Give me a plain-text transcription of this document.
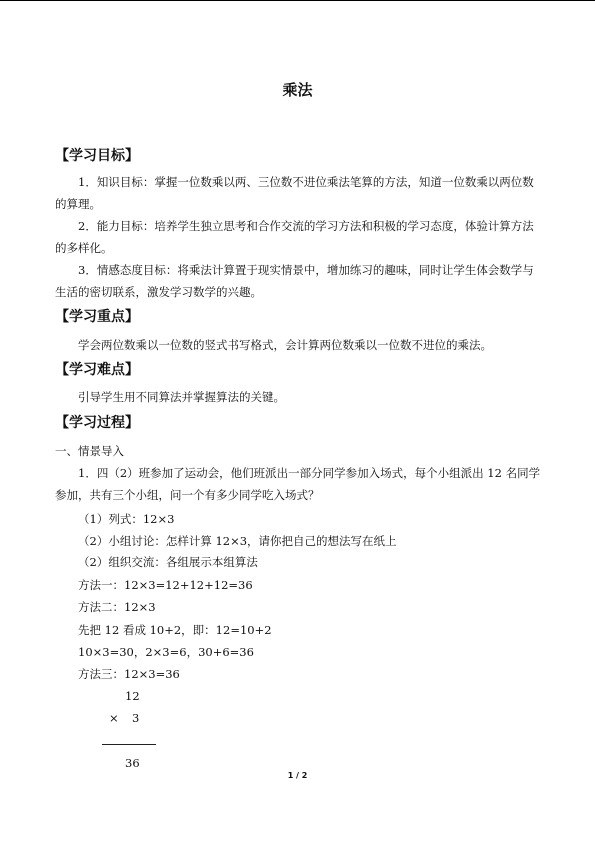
乘法
【学习目标】
1．知识目标：掌握一位数乘以两、三位数不进位乘法笔算的方法，知道一位数乘以两位数的算理。
2．能力目标：培养学生独立思考和合作交流的学习方法和积极的学习态度，体验计算方法的多样化。
3．情感态度目标：将乘法计算置于现实情景中，增加练习的趣味，同时让学生体会数学与生活的密切联系，激发学习数学的兴趣。
【学习重点】
学会两位数乘以一位数的竖式书写格式，会计算两位数乘以一位数不进位的乘法。
【学习难点】
引导学生用不同算法并掌握算法的关键。
【学习过程】
一、情景导入
1．四（2）班参加了运动会，他们班派出一部分同学参加入场式，每个小组派出 12 名同学参加，共有三个小组，问一个有多少同学吃入场式？
（1）列式：12×3
（2）小组讨论：怎样计算 12×3，请你把自己的想法写在纸上
（2）组织交流：各组展示本组算法
方法一：12×3=12+12+12=36
方法二：12×3
先把 12 看成 10+2，即：12=10+2
10×3=30，2×3=6，30+6=36
方法三：12×3=36
12
× 3
36
1 / 2
